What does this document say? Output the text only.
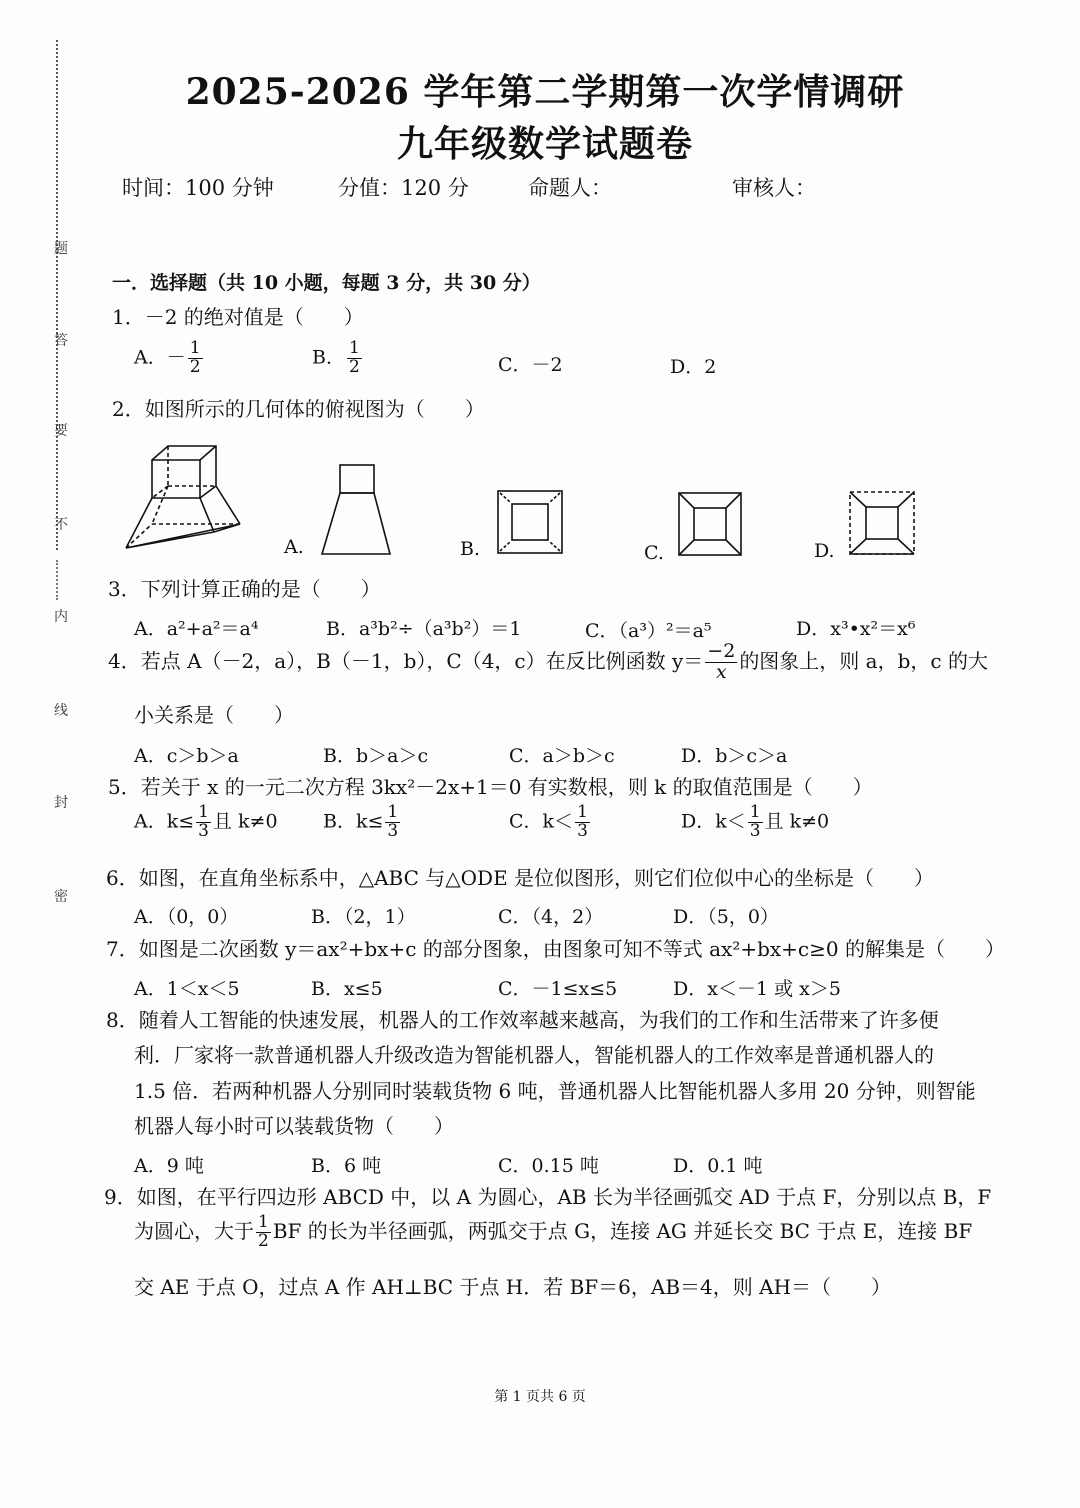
题
答
要
不
内
线
封
密
2025-2026 学年第二学期第一次学情调研
九年级数学试题卷
时间：100 分钟	分值：120 分	命题人：	审核人：
一．选择题（共 10 小题，每题 3 分，共 30 分）
1．－2 的绝对值是（　　）
A．－ $\frac{1}{2}$	B． $\frac{1}{2}$	C．－2	D．2
2．如图所示的几何体的俯视图为（　　）
A.	B.	C.	D.
3．下列计算正确的是（　　）
A．a²+a²＝a⁴	B．a³b²÷（a³b²）＝1	C．（a³）²＝a⁵	D．x³•x²＝x⁶
4．若点 A（－2，a），B（－1，b），C（4，c）在反比例函数 $y= \frac{-2}{x}$ 的图象上，则 a，b，c 的大
小关系是（　　）
A．c＞b＞a	B．b＞a＞c	C．a＞b＞c	D．b＞c＞a
5．若关于 x 的一元二次方程 3kx²－2x+1＝0 有实数根，则 k 的取值范围是（　　）
A．$k\le \frac{1}{3}$ 且 k≠0 B．$k\le \frac{1}{3}$	C．$k< \frac{1}{3}$	D．$k< \frac{1}{3}$ 且 k≠0
6．如图，在直角坐标系中，△ABC 与△ODE 是位似图形，则它们位似中心的坐标是（　　）
A．（0，0）	B．（2，1）	C．（4，2）	D．（5，0）
7．如图是二次函数 y＝ax²+bx+c 的部分图象，由图象可知不等式 ax²+bx+c≥0 的解集是（　　）
A．1＜x＜5	B．x≤5	C．－1≤x≤5	D．x＜－1 或 x＞5
8．随着人工智能的快速发展，机器人的工作效率越来越高，为我们的工作和生活带来了许多便
利．厂家将一款普通机器人升级改造为智能机器人，智能机器人的工作效率是普通机器人的
1.5 倍．若两种机器人分别同时装载货物 6 吨，普通机器人比智能机器人多用 20 分钟，则智能
机器人每小时可以装载货物（　　）
A．9 吨	B．6 吨	C．0.15 吨	D．0.1 吨
9．如图，在平行四边形 ABCD 中，以 A 为圆心，AB 长为半径画弧交 AD 于点 F，分别以点 B，F
为圆心，大于 $\frac{1}{2}$ BF 的长为半径画弧，两弧交于点 G，连接 AG 并延长交 BC 于点 E，连接 BF
交 AE 于点 O，过点 A 作 AH⊥BC 于点 H．若 BF＝6，AB＝4，则 AH＝（　　）
第 1 页共 6 页
